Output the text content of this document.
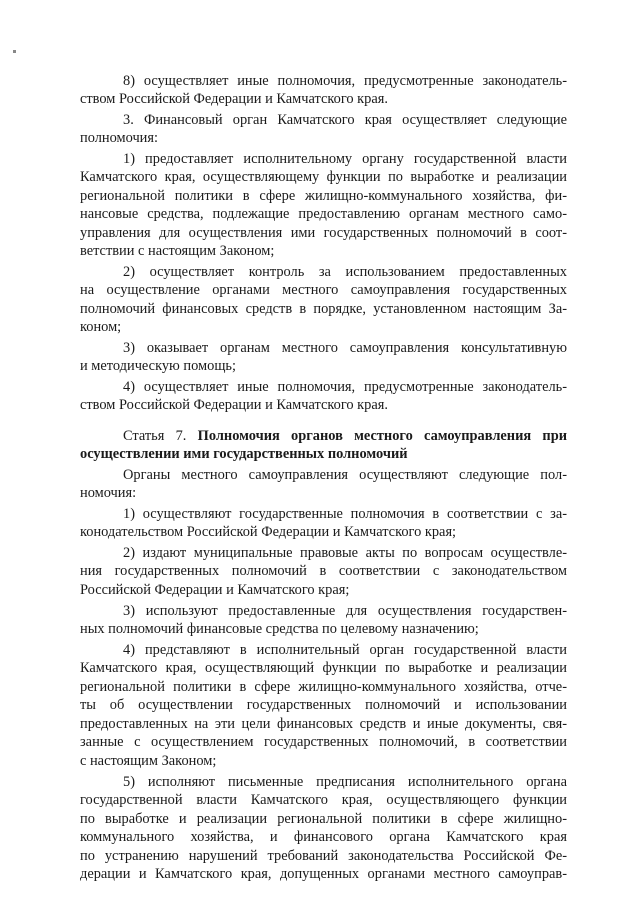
8) осуществляет иные полномочия, предусмотренные законодатель-
ством Российской Федерации и Камчатского края.
3. Финансовый орган Камчатского края осуществляет следующие
полномочия:
1) предоставляет исполнительному органу государственной власти
Камчатского края, осуществляющему функции по выработке и реализации
региональной политики в сфере жилищно-коммунального хозяйства, фи-
нансовые средства, подлежащие предоставлению органам местного само-
управления для осуществления ими государственных полномочий в соот-
ветствии с настоящим Законом;
2) осуществляет контроль за использованием предоставленных
на осуществление органами местного самоуправления государственных
полномочий финансовых средств в порядке, установленном настоящим За-
коном;
3) оказывает органам местного самоуправления консультативную
и методическую помощь;
4) осуществляет иные полномочия, предусмотренные законодатель-
ством Российской Федерации и Камчатского края.
Статья 7. Полномочия органов местного самоуправления при
осуществлении ими государственных полномочий
Органы местного самоуправления осуществляют следующие пол-
номочия:
1) осуществляют государственные полномочия в соответствии с за-
конодательством Российской Федерации и Камчатского края;
2) издают муниципальные правовые акты по вопросам осуществле-
ния государственных полномочий в соответствии с законодательством
Российской Федерации и Камчатского края;
3) используют предоставленные для осуществления государствен-
ных полномочий финансовые средства по целевому назначению;
4) представляют в исполнительный орган государственной власти
Камчатского края, осуществляющий функции по выработке и реализации
региональной политики в сфере жилищно-коммунального хозяйства, отче-
ты об осуществлении государственных полномочий и использовании
предоставленных на эти цели финансовых средств и иные документы, свя-
занные с осуществлением государственных полномочий, в соответствии
с настоящим Законом;
5) исполняют письменные предписания исполнительного органа
государственной власти Камчатского края, осуществляющего функции
по выработке и реализации региональной политики в сфере жилищно-
коммунального хозяйства, и финансового органа Камчатского края
по устранению нарушений требований законодательства Российской Фе-
дерации и Камчатского края, допущенных органами местного самоуправ-
